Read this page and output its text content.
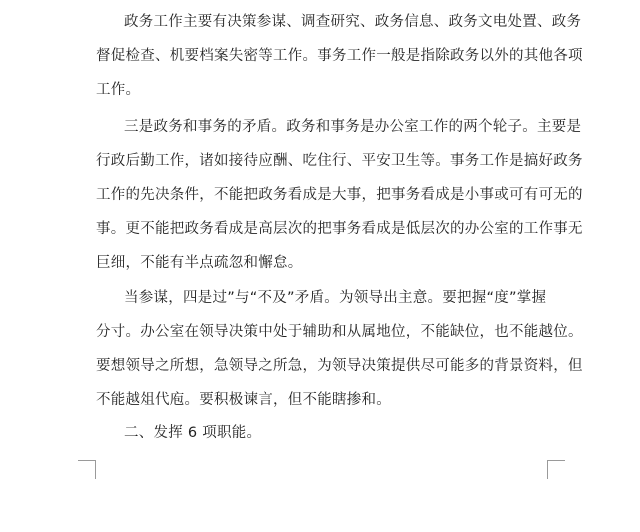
政务工作主要有决策参谋、调查研究、政务信息、政务文电处置、政务
督促检查、机要档案失密等工作。事务工作一般是指除政务以外的其他各项
工作。
三是政务和事务的矛盾。政务和事务是办公室工作的两个轮子。主要是
行政后勤工作，诸如接待应酬、吃住行、平安卫生等。事务工作是搞好政务
工作的先决条件，不能把政务看成是大事，把事务看成是小事或可有可无的
事。更不能把政务看成是高层次的把事务看成是低层次的办公室的工作事无
巨细，不能有半点疏忽和懈怠。
当参谋，四是过”与“不及”矛盾。为领导出主意。要把握“度”掌握
分寸。办公室在领导决策中处于辅助和从属地位，不能缺位，也不能越位。
要想领导之所想，急领导之所急，为领导决策提供尽可能多的背景资料，但
不能越俎代庖。要积极谏言，但不能瞎掺和。
二、发挥 6 项职能。
